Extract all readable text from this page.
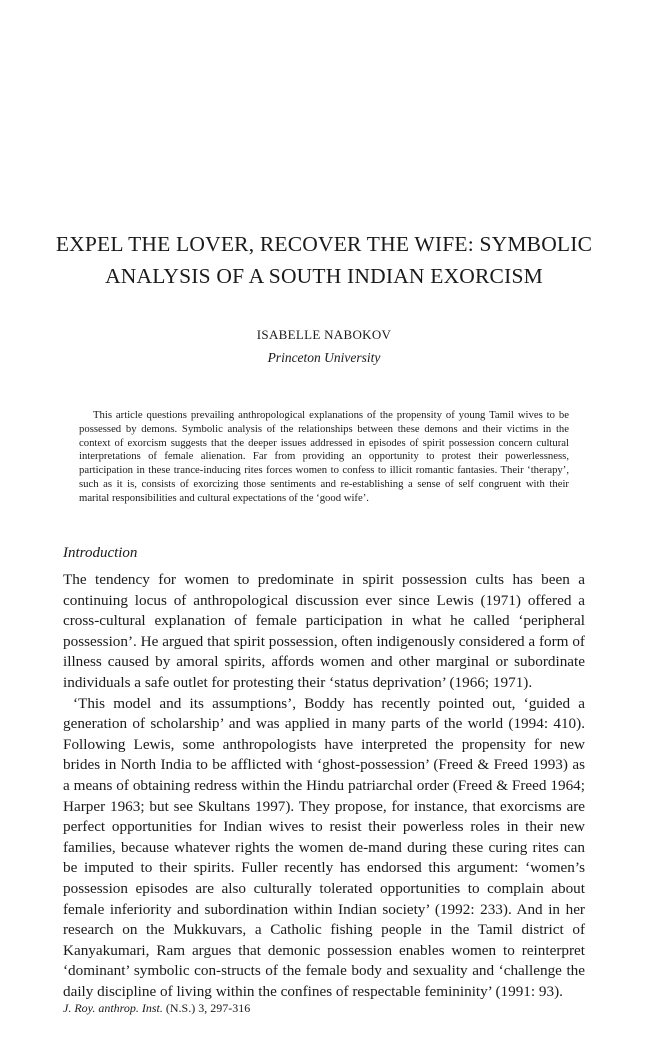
EXPEL THE LOVER, RECOVER THE WIFE: SYMBOLIC
ANALYSIS OF A SOUTH INDIAN EXORCISM
ISABELLE NABOKOV
Princeton University

This article questions prevailing anthropological explanations of the propensity of young Tamil wives to be possessed by demons. Symbolic analysis of the relationships between these demons and their victims in the context of exorcism suggests that the deeper issues addressed in episodes of spirit possession concern cultural interpretations of female alienation. Far from providing an opportunity to protest their powerlessness, participation in these trance-inducing rites forces women to confess to illicit romantic fantasies. Their ‘therapy’, such as it is, consists of exorcizing those sentiments and re-establishing a sense of self congruent with their marital responsibilities and cultural expectations of the ‘good wife’.

Introduction

The tendency for women to predominate in spirit possession cults has been a continuing locus of anthropological discussion ever since Lewis (1971) offered a cross-cultural explanation of female participation in what he called ‘peripheral possession’. He argued that spirit possession, often indigenously considered a form of illness caused by amoral spirits, affords women and other marginal or subordinate individuals a safe outlet for protesting their ‘status deprivation’ (1966; 1971).

‘This model and its assumptions’, Boddy has recently pointed out, ‘guided a generation of scholarship’ and was applied in many parts of the world (1994: 410). Following Lewis, some anthropologists have interpreted the propensity for new brides in North India to be afflicted with ‘ghost-possession’ (Freed & Freed 1993) as a means of obtaining redress within the Hindu patriarchal order (Freed & Freed 1964; Harper 1963; but see Skultans 1997). They propose, for instance, that exorcisms are perfect opportunities for Indian wives to resist their powerless roles in their new families, because whatever rights the women de-mand during these curing rites can be imputed to their spirits. Fuller recently has endorsed this argument: ‘women’s possession episodes are also culturally tolerated opportunities to complain about female inferiority and subordination within Indian society’ (1992: 233). And in her research on the Mukkuvars, a Catholic fishing people in the Tamil district of Kanyakumari, Ram argues that demonic possession enables women to reinterpret ‘dominant’ symbolic con-structs of the female body and sexuality and ‘challenge the daily discipline of living within the confines of respectable femininity’ (1991: 93).

J. Roy. anthrop. Inst. (N.S.) 3, 297-316
